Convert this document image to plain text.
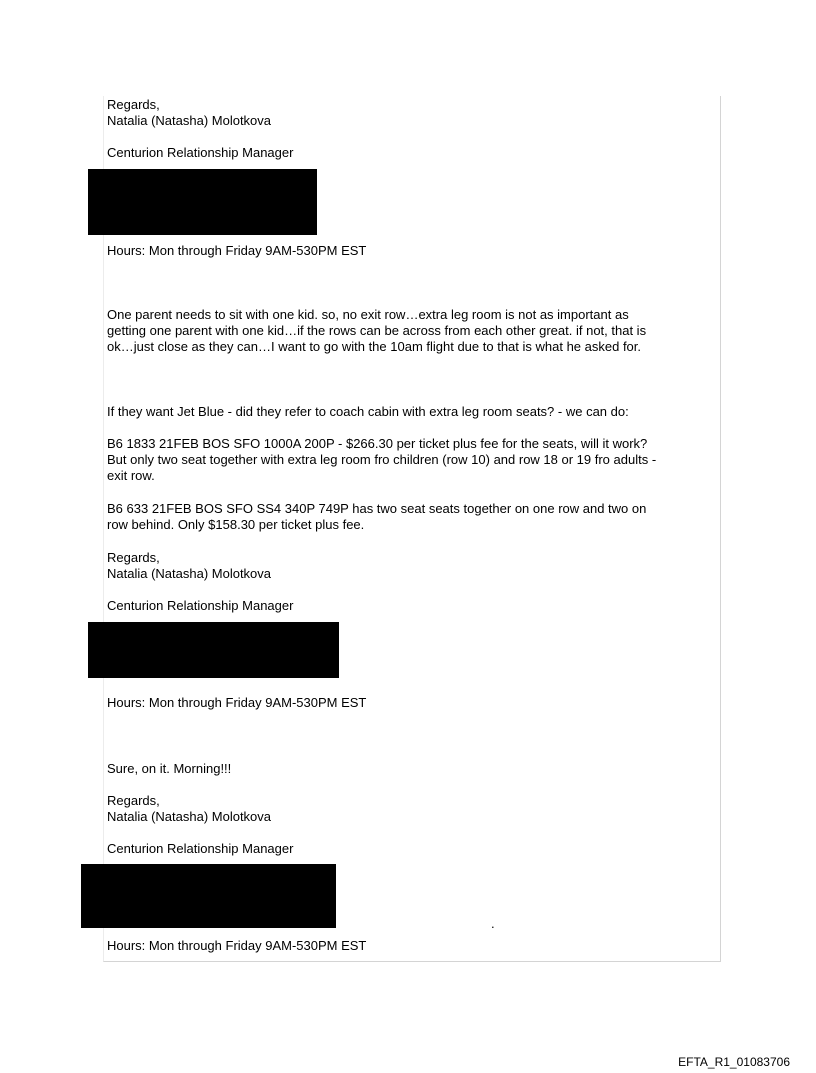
Regards,
Natalia (Natasha) Molotkova
Centurion Relationship Manager
Hours: Mon through Friday 9AM-530PM EST
One parent needs to sit with one kid. so, no exit row…extra leg room is not as important as
getting one parent with one kid…if the rows can be across from each other great. if not, that is
ok…just close as they can…I want to go with the 10am flight due to that is what he asked for.
If they want Jet Blue - did they refer to coach cabin with extra leg room seats? - we can do:
B6 1833 21FEB BOS SFO 1000A 200P - $266.30 per ticket plus fee for the seats, will it work?
But only two seat together with extra leg room fro children (row 10) and row 18 or 19 fro adults -
exit row.
B6 633 21FEB BOS SFO SS4 340P 749P has two seat seats together on one row and two on
row behind. Only $158.30 per ticket plus fee.
Regards,
Natalia (Natasha) Molotkova
Centurion Relationship Manager
Hours: Mon through Friday 9AM-530PM EST
Sure, on it. Morning!!!
Regards,
Natalia (Natasha) Molotkova
Centurion Relationship Manager
.
Hours: Mon through Friday 9AM-530PM EST
EFTA_R1_01083706
